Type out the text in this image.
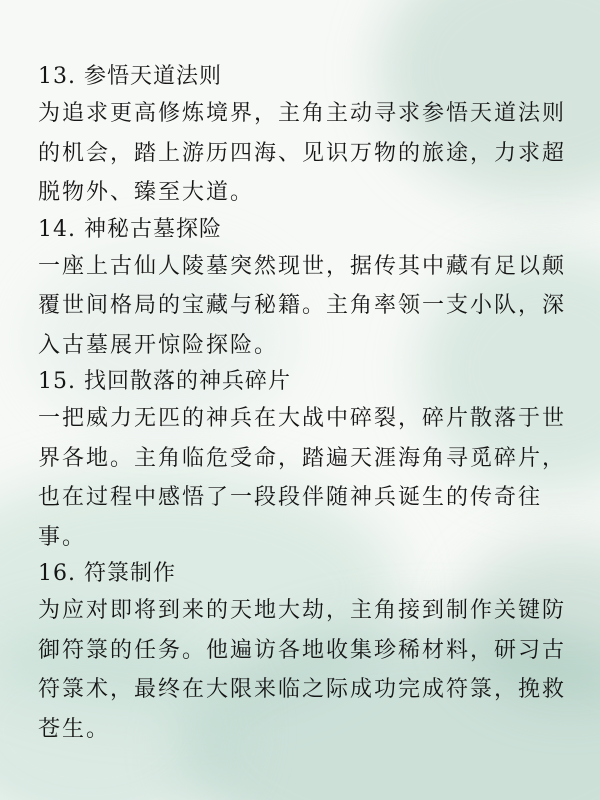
13. 参悟天道法则

为追求更高修炼境界，主角主动寻求参悟天道法则的机会，踏上游历四海、见识万物的旅途，力求超脱物外、臻至大道。

14. 神秘古墓探险

一座上古仙人陵墓突然现世，据传其中藏有足以颠覆世间格局的宝藏与秘籍。主角率领一支小队，深入古墓展开惊险探险。

15. 找回散落的神兵碎片

一把威力无匹的神兵在大战中碎裂，碎片散落于世界各地。主角临危受命，踏遍天涯海角寻觅碎片，也在过程中感悟了一段段伴随神兵诞生的传奇往事。

16. 符箓制作

为应对即将到来的天地大劫，主角接到制作关键防御符箓的任务。他遍访各地收集珍稀材料，研习古符箓术，最终在大限来临之际成功完成符箓，挽救苍生。
